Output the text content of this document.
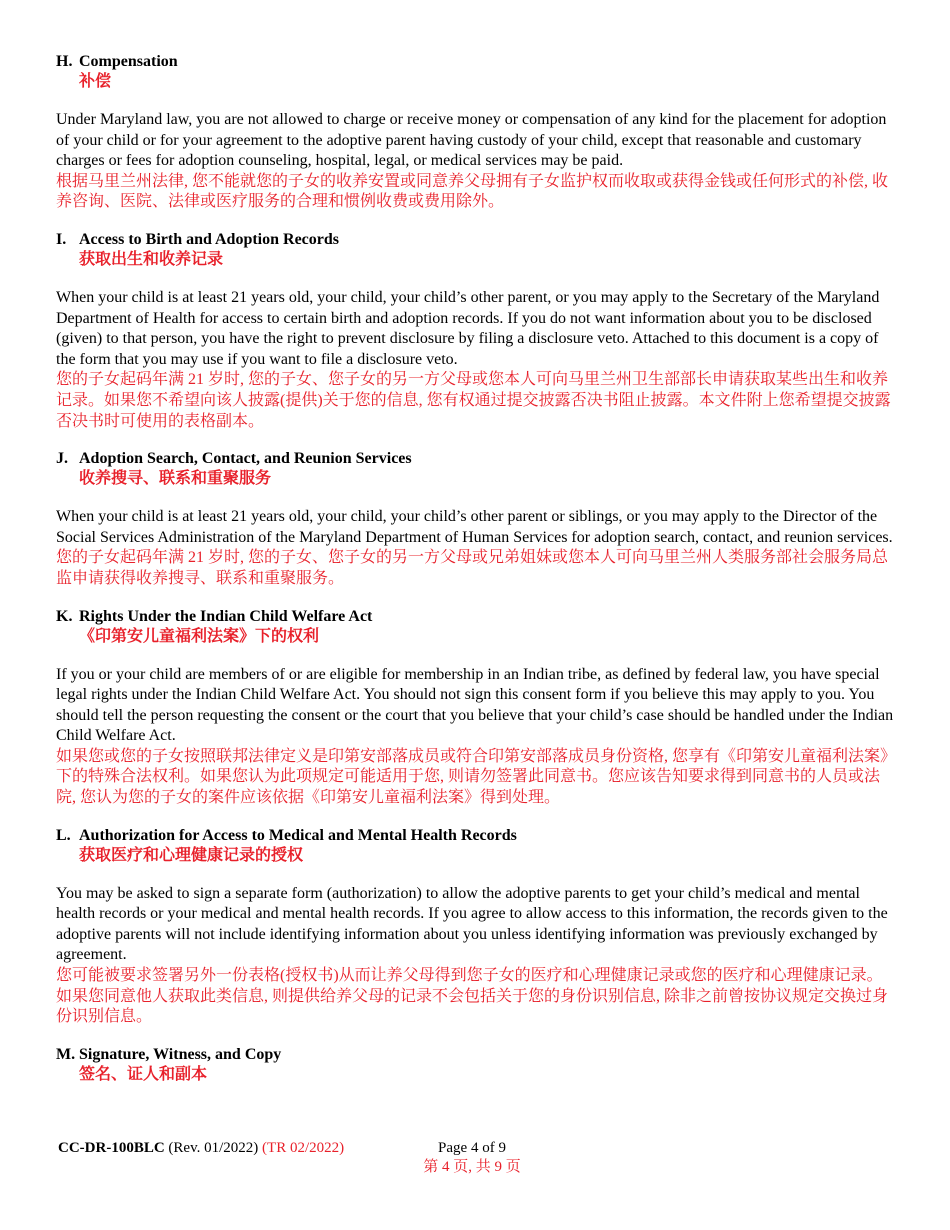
H. Compensation
补偿

Under Maryland law, you are not allowed to charge or receive money or compensation of any kind for the placement for adoption of your child or for your agreement to the adoptive parent having custody of your child, except that reasonable and customary charges or fees for adoption counseling, hospital, legal, or medical services may be paid.

根据马里兰州法律, 您不能就您的子女的收养安置或同意养父母拥有子女监护权而收取或获得金钱或任何形式的补偿, 收养咨询、医院、法律或医疗服务的合理和惯例收费或费用除外。

I. Access to Birth and Adoption Records
获取出生和收养记录

When your child is at least 21 years old, your child, your child’s other parent, or you may apply to the Secretary of the Maryland Department of Health for access to certain birth and adoption records. If you do not want information about you to be disclosed (given) to that person, you have the right to prevent disclosure by filing a disclosure veto. Attached to this document is a copy of the form that you may use if you want to file a disclosure veto.

您的子女起码年满 21 岁时, 您的子女、您子女的另一方父母或您本人可向马里兰州卫生部部长申请获取某些出生和收养记录。如果您不希望向该人披露(提供)关于您的信息, 您有权通过提交披露否决书阻止披露。本文件附上您希望提交披露否决书时可使用的表格副本。

J. Adoption Search, Contact, and Reunion Services
收养搜寻、联系和重聚服务

When your child is at least 21 years old, your child, your child’s other parent or siblings, or you may apply to the Director of the Social Services Administration of the Maryland Department of Human Services for adoption search, contact, and reunion services.

您的子女起码年满 21 岁时, 您的子女、您子女的另一方父母或兄弟姐妹或您本人可向马里兰州人类服务部社会服务局总监申请获得收养搜寻、联系和重聚服务。

K. Rights Under the Indian Child Welfare Act
《印第安儿童福利法案》下的权利

If you or your child are members of or are eligible for membership in an Indian tribe, as defined by federal law, you have special legal rights under the Indian Child Welfare Act. You should not sign this consent form if you believe this may apply to you. You should tell the person requesting the consent or the court that you believe that your child’s case should be handled under the Indian Child Welfare Act.

如果您或您的子女按照联邦法律定义是印第安部落成员或符合印第安部落成员身份资格, 您享有《印第安儿童福利法案》下的特殊合法权利。如果您认为此项规定可能适用于您, 则请勿签署此同意书。您应该告知要求得到同意书的人员或法院, 您认为您的子女的案件应该依据《印第安儿童福利法案》得到处理。

L. Authorization for Access to Medical and Mental Health Records
获取医疗和心理健康记录的授权

You may be asked to sign a separate form (authorization) to allow the adoptive parents to get your child’s medical and mental health records or your medical and mental health records. If you agree to allow access to this information, the records given to the adoptive parents will not include identifying information about you unless identifying information was previously exchanged by agreement.

您可能被要求签署另外一份表格(授权书)从而让养父母得到您子女的医疗和心理健康记录或您的医疗和心理健康记录。如果您同意他人获取此类信息, 则提供给养父母的记录不会包括关于您的身份识别信息, 除非之前曾按协议规定交换过身份识别信息。

M. Signature, Witness, and Copy
签名、证人和副本
CC-DR-100BLC (Rev. 01/2022) (TR 02/2022)	Page 4 of 9
第 4 页, 共 9 页
